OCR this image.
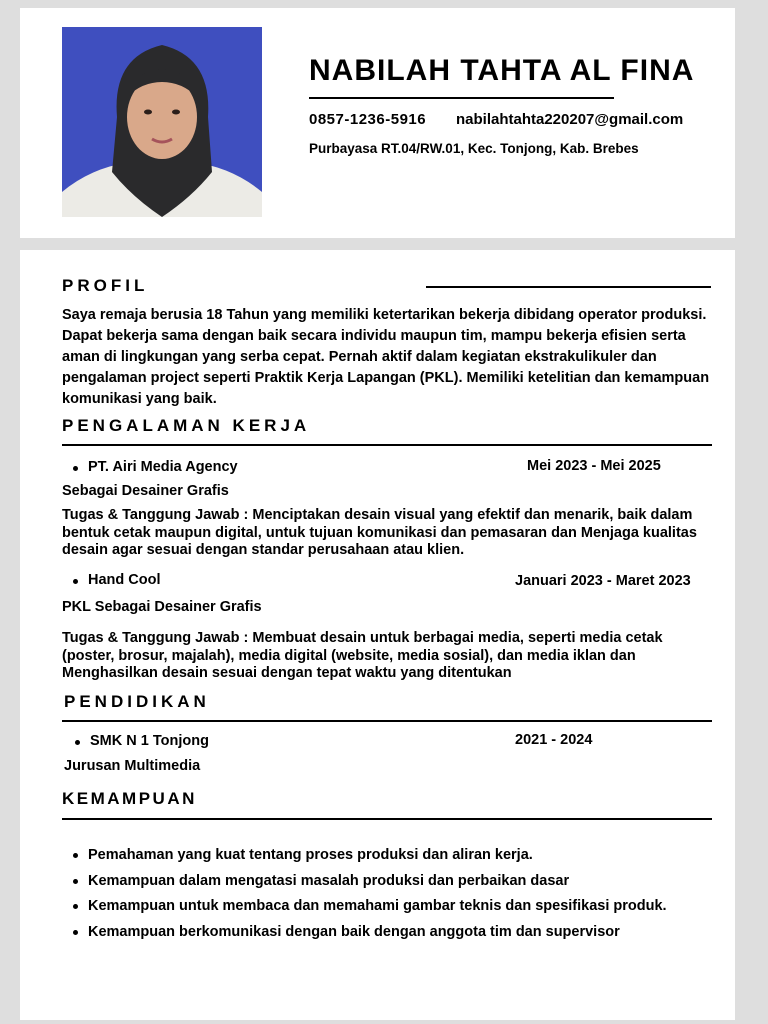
NABILAH TAHTA AL FINA
0857-1236-5916 nabilahtahta220207@gmail.com
Purbayasa RT.04/RW.01, Kec. Tonjong, Kab. Brebes
PROFIL

Saya remaja berusia 18 Tahun yang memiliki ketertarikan bekerja dibidang operator produksi. Dapat bekerja sama dengan baik secara individu maupun tim, mampu bekerja efisien serta aman di lingkungan yang serba cepat. Pernah aktif dalam kegiatan ekstrakulikuler dan pengalaman project seperti Praktik Kerja Lapangan (PKL). Memiliki ketelitian dan kemampuan komunikasi yang baik.

PENGALAMAN KERJA
PT. Airi Media Agency	Mei 2023 - Mei 2025
Sebagai Desainer Grafis

Tugas & Tanggung Jawab : Menciptakan desain visual yang efektif dan menarik, baik dalam bentuk cetak maupun digital, untuk tujuan komunikasi dan pemasaran dan Menjaga kualitas desain agar sesuai dengan standar perusahaan atau klien.

Hand Cool	Januari 2023 - Maret 2023
PKL Sebagai Desainer Grafis

Tugas & Tanggung Jawab : Membuat desain untuk berbagai media, seperti media cetak (poster, brosur, majalah), media digital (website, media sosial), dan media iklan dan Menghasilkan desain sesuai dengan tepat waktu yang ditentukan

PENDIDIKAN
SMK N 1 Tonjong	2021 - 2024
Jurusan Multimedia
KEMAMPUAN
Pemahaman yang kuat tentang proses produksi dan aliran kerja.
Kemampuan dalam mengatasi masalah produksi dan perbaikan dasar
Kemampuan untuk membaca dan memahami gambar teknis dan spesifikasi produk.
Kemampuan berkomunikasi dengan baik dengan anggota tim dan supervisor
